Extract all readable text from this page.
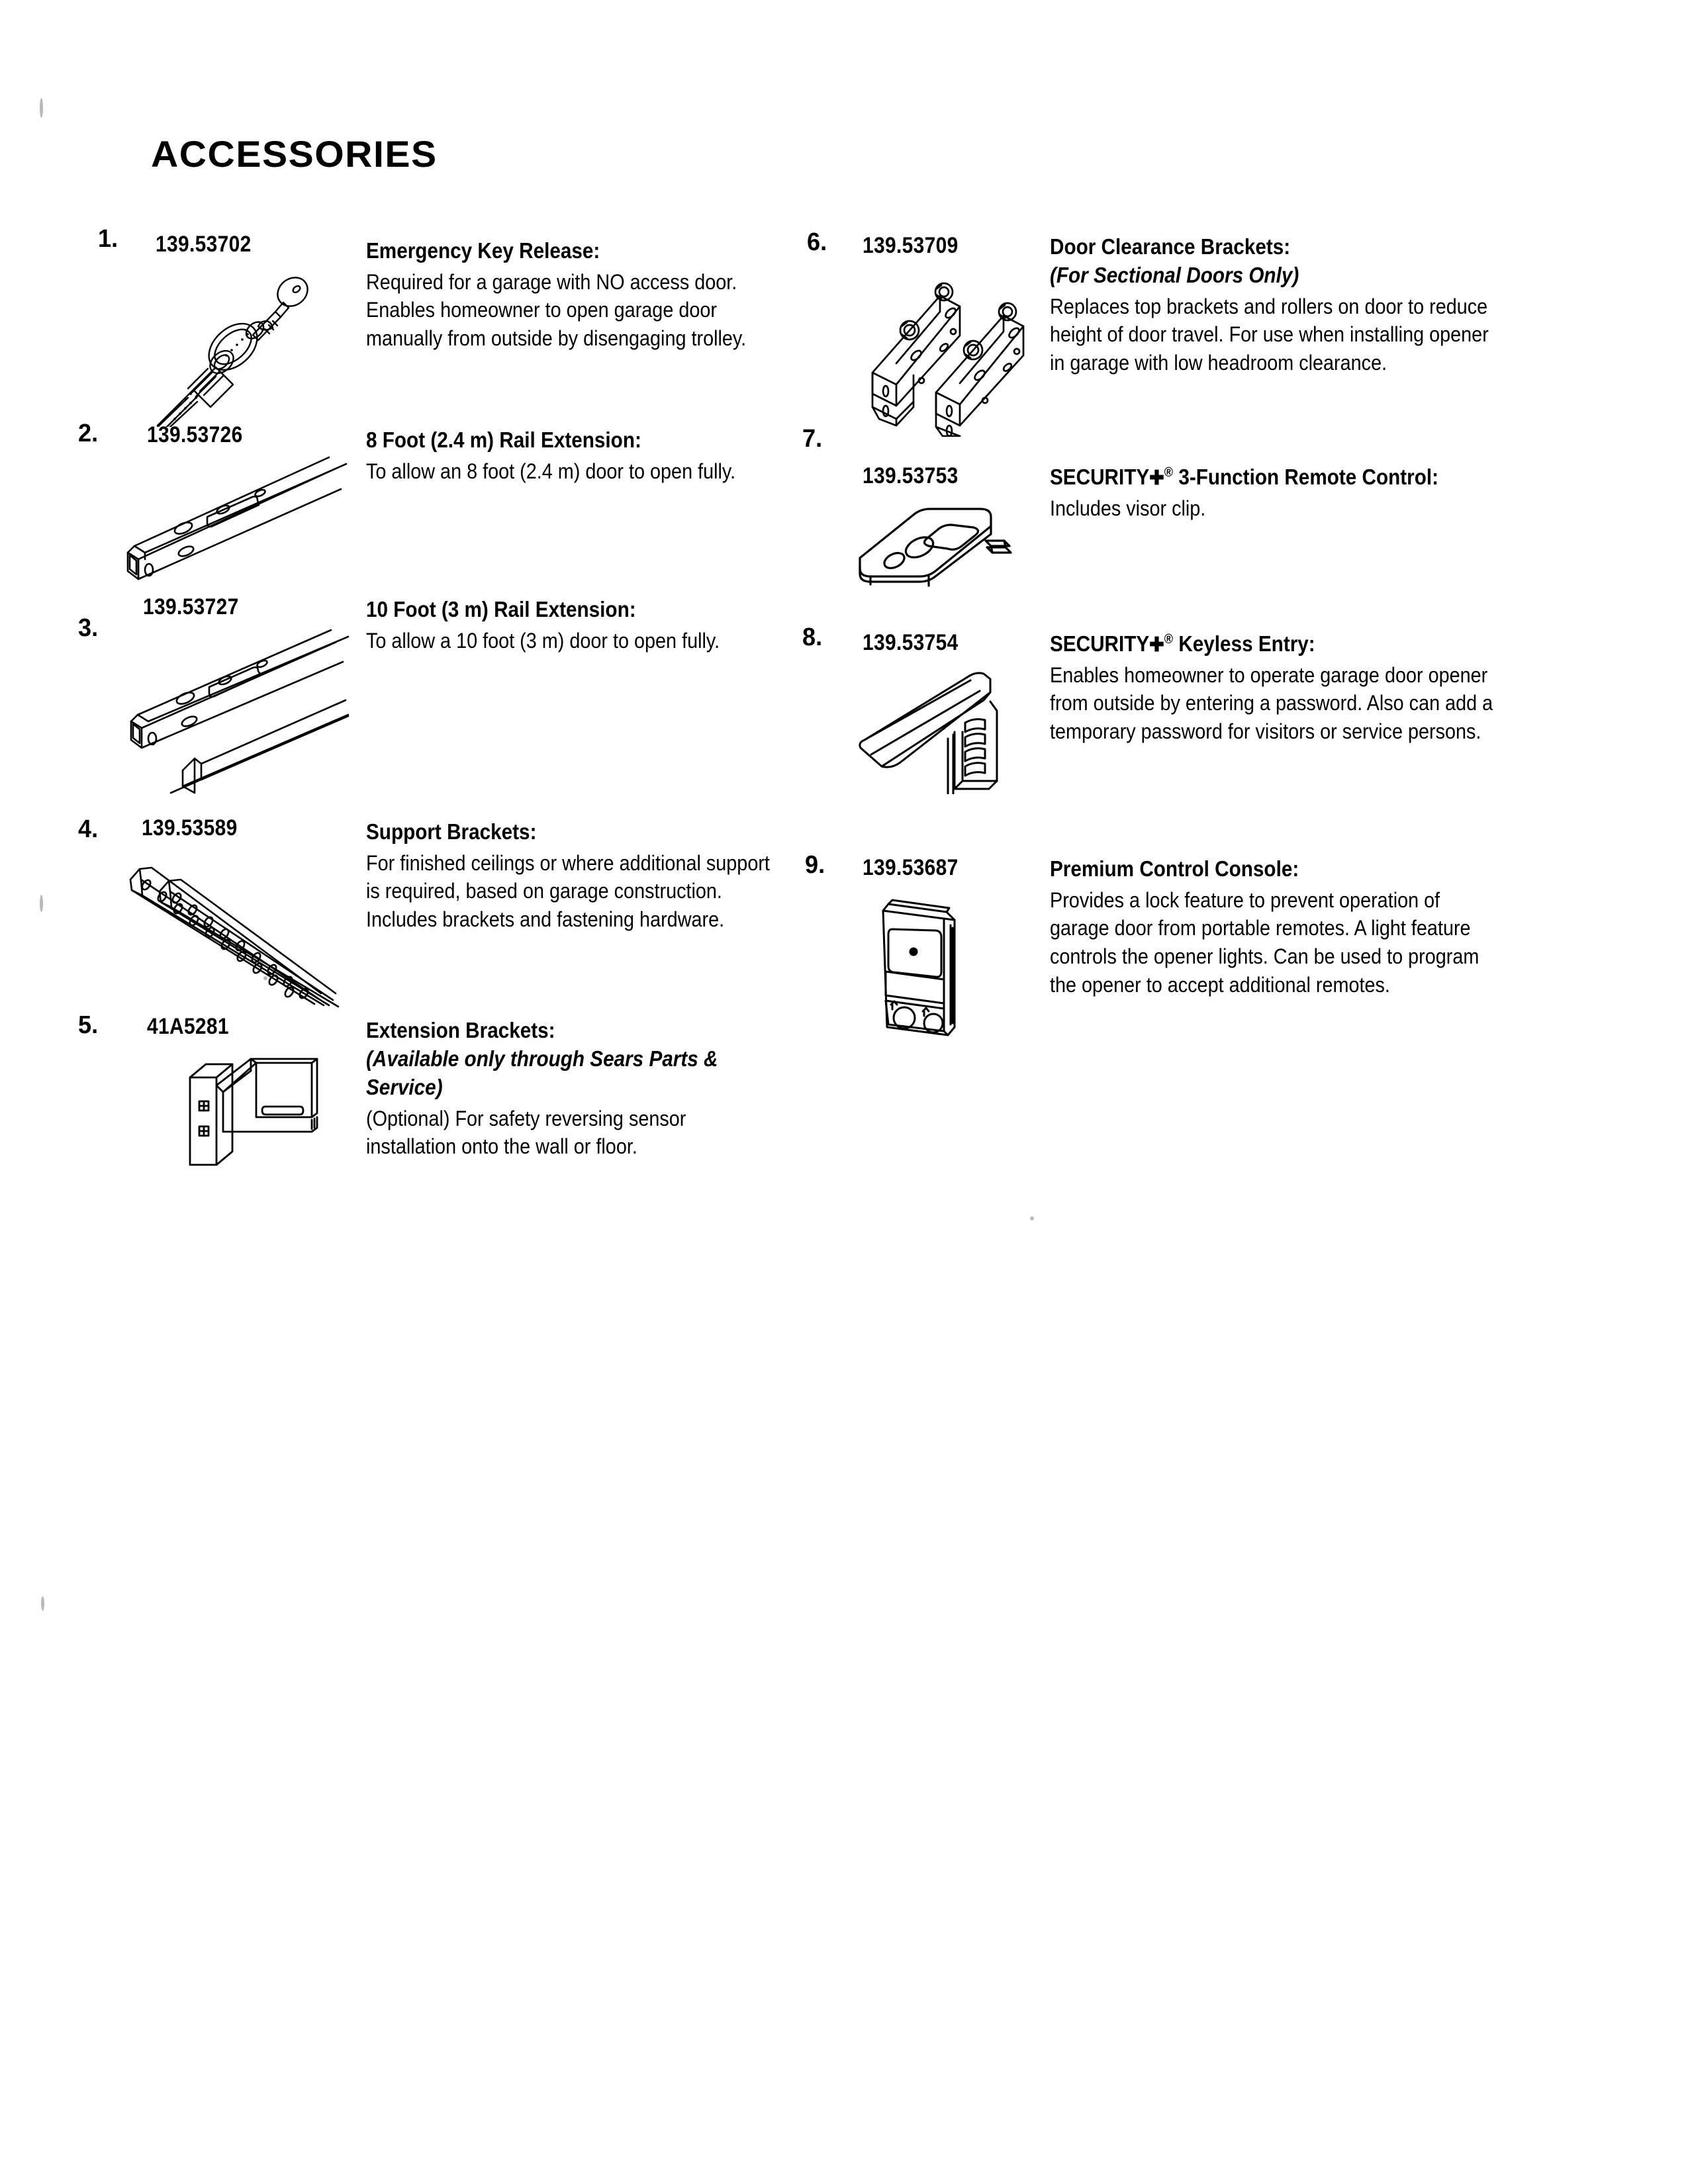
ACCESSORIES
1. 139.53702	Emergency Key Release:
Required for a garage with NO access door. Enables homeowner to open garage door manually from outside by disengaging trolley.
2. 139.53726	8 Foot (2.4 m) Rail Extension:
To allow an 8 foot (2.4 m) door to open fully.
3.
139.53727	10 Foot (3 m) Rail Extension:
To allow a 10 foot (3 m) door to open fully.
4. 139.53589	Support Brackets:
For finished ceilings or where additional support is required, based on garage construction. Includes brackets and fastening hardware.
5. 41A5281	Extension Brackets:
(Available only through Sears Parts & Service)
(Optional) For safety reversing sensor installation onto the wall or floor.
6. 139.53709	Door Clearance Brackets:
(For Sectional Doors Only)
Replaces top brackets and rollers on door to reduce height of door travel. For use when installing opener in garage with low headroom clearance.
7.
139.53753	SECURITY✚® 3-Function Remote Control:
Includes visor clip.
8. 139.53754	SECURITY✚® Keyless Entry:
Enables homeowner to operate garage door opener from outside by entering a password. Also can add a temporary password for visitors or service persons.
9. 139.53687	Premium Control Console:
Provides a lock feature to prevent operation of garage door from portable remotes. A light feature controls the opener lights. Can be used to program the opener to accept additional remotes.
